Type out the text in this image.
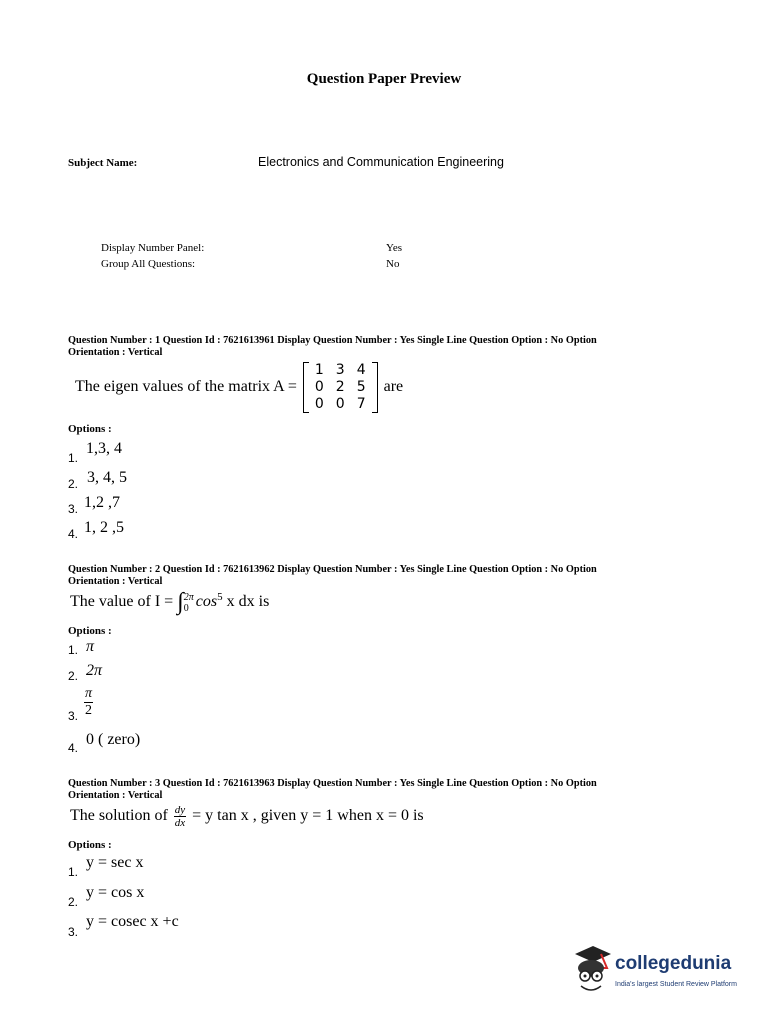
Question Paper Preview
Subject Name:	Electronics and Communication Engineering
Display Number Panel:	Yes
Group All Questions:	No
Question Number : 1 Question Id : 7621613961 Display Question Number : Yes Single Line Question Option : No Option
Orientation : Vertical
The eigen values of the matrix A =
1	3	4
0	2	5
0	0	7
are
Options :
1.
1,3, 4
2. 3, 4, 5
3. 1,2 ,7
4. 1, 2 ,5
Question Number : 2 Question Id : 7621613962 Display Question Number : Yes Single Line Question Option : No Option
Orientation : Vertical
The value of I = ∫ 2π
0 $\cos^5 x$ dx is
Options :
1. π
2. 2π
3. $\frac{\pi}{2}$
4. 0 ( zero)
Question Number : 3 Question Id : 7621613963 Display Question Number : Yes Single Line Question Option : No Option
Orientation : Vertical
The solution of $\frac{dy}{dx} = y$ tan x , given y = 1 when x = 0 is
Options :
1.
y = sec x
2.
y = cos x
3.
y = cosec x +c
collegedunia
India's largest Student Review Platform
